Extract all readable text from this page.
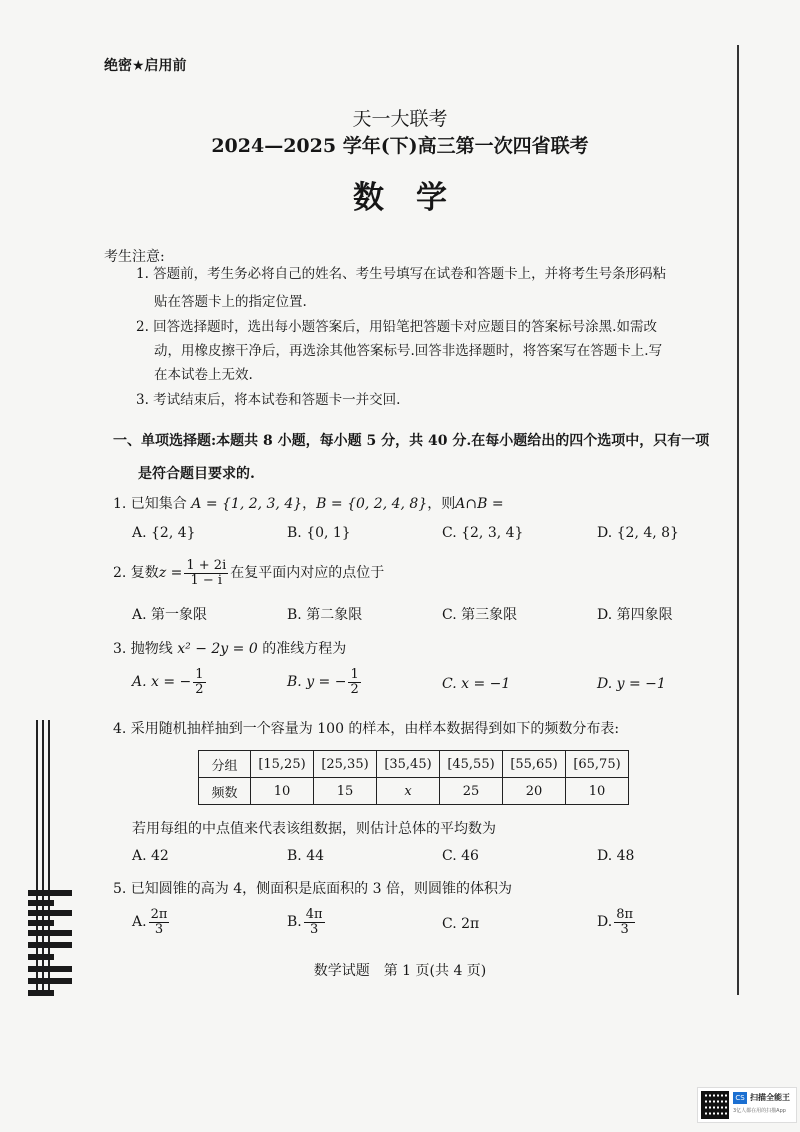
绝密★启用前
天一大联考
2024—2025 学年(下)高三第一次四省联考
数学
考生注意:
1. 答题前，考生务必将自己的姓名、考生号填写在试卷和答题卡上，并将考生号条形码粘
贴在答题卡上的指定位置.
2. 回答选择题时，选出每小题答案后，用铅笔把答题卡对应题目的答案标号涂黑.如需改
动，用橡皮擦干净后，再选涂其他答案标号.回答非选择题时，将答案写在答题卡上.写
在本试卷上无效.
3. 考试结束后，将本试卷和答题卡一并交回.
一、单项选择题:本题共 8 小题，每小题 5 分，共 40 分.在每小题给出的四个选项中，只有一项
是符合题目要求的.
1. 已知集合 A = {1, 2, 3, 4}，B = {0, 2, 4, 8}，则A∩B =
A. {2, 4}	B. {0, 1}	C. {2, 3, 4}	D. {2, 4, 8}
2. 复数$z = \frac{1 + 2i}{1 - i}$ 在复平面内对应的点位于
A. 第一象限	B. 第二象限	C. 第三象限	D. 第四象限
3. 抛物线 x² − 2y = 0 的准线方程为
A. x = − $\frac{1}{2}$	B. y = − $\frac{1}{2}$	C. x = −1	D. y = −1
4. 采用随机抽样抽到一个容量为 100 的样本，由样本数据得到如下的频数分布表:
分组	[15,25)	[25,35)	[35,45)	[45,55)	[55,65)	[65,75)
频数	10	15	x	25	20	10
若用每组的中点值来代表该组数据，则估计总体的平均数为
A. 42	B. 44	C. 46	D. 48
5. 已知圆锥的高为 4，侧面积是底面积的 3 倍，则圆锥的体积为
A. $\frac{2\pi}{3}$	B. $\frac{4\pi}{3}$	C. 2π	D. $\frac{8\pi}{3}$
数学试题　第 1 页(共 4 页)
CS 扫描全能王
3亿人都在用的扫描App
